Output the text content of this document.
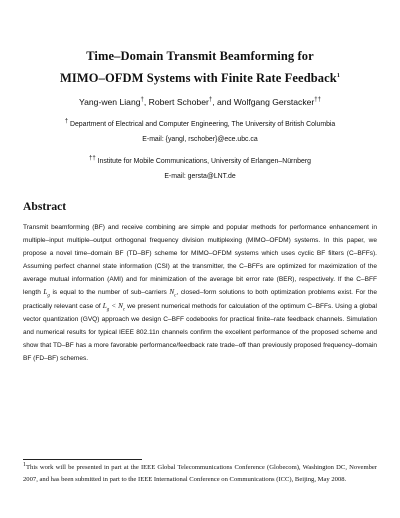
Time–Domain Transmit Beamforming for
MIMO–OFDM Systems with Finite Rate Feedback$^1$
Yang-wen Liang†, Robert Schober†, and Wolfgang Gerstacker††
† Department of Electrical and Computer Engineering, The University of British Columbia
E-mail: {yangl, rschober}@ece.ubc.ca
†† Institute for Mobile Communications, University of Erlangen–Nürnberg
E-mail: gersta@LNT.de
Abstract

Transmit beamforming (BF) and receive combining are simple and popular methods for performance enhancement in multiple–input multiple–output orthogonal frequency division multiplexing (MIMO–OFDM) systems. In this paper, we propose a novel time–domain BF (TD–BF) scheme for MIMO–OFDM systems which uses cyclic BF filters (C–BFFs). Assuming perfect channel state information (CSI) at the transmitter, the C–BFFs are optimized for maximization of the average mutual information (AMI) and for minimization of the average bit error rate (BER), respectively. If the C–BFF length $L_g$ is equal to the number of sub–carriers $N_c$, closed–form solutions to both optimization problems exist. For the practically relevant case of $L_g < N_c$ we present numerical methods for calculation of the optimum C–BFFs. Using a global vector quantization (GVQ) approach we design C–BFF codebooks for practical finite–rate feedback channels. Simulation and numerical results for typical IEEE 802.11n channels confirm the excellent performance of the proposed scheme and show that TD–BF has a more favorable performance/feedback rate trade–off than previously proposed frequency–domain BF (FD–BF) schemes.

1This work will be presented in part at the IEEE Global Telecommunications Conference (Globecom), Washington DC, November 2007, and has been submitted in part to the IEEE International Conference on Communications (ICC), Beijing, May 2008.
